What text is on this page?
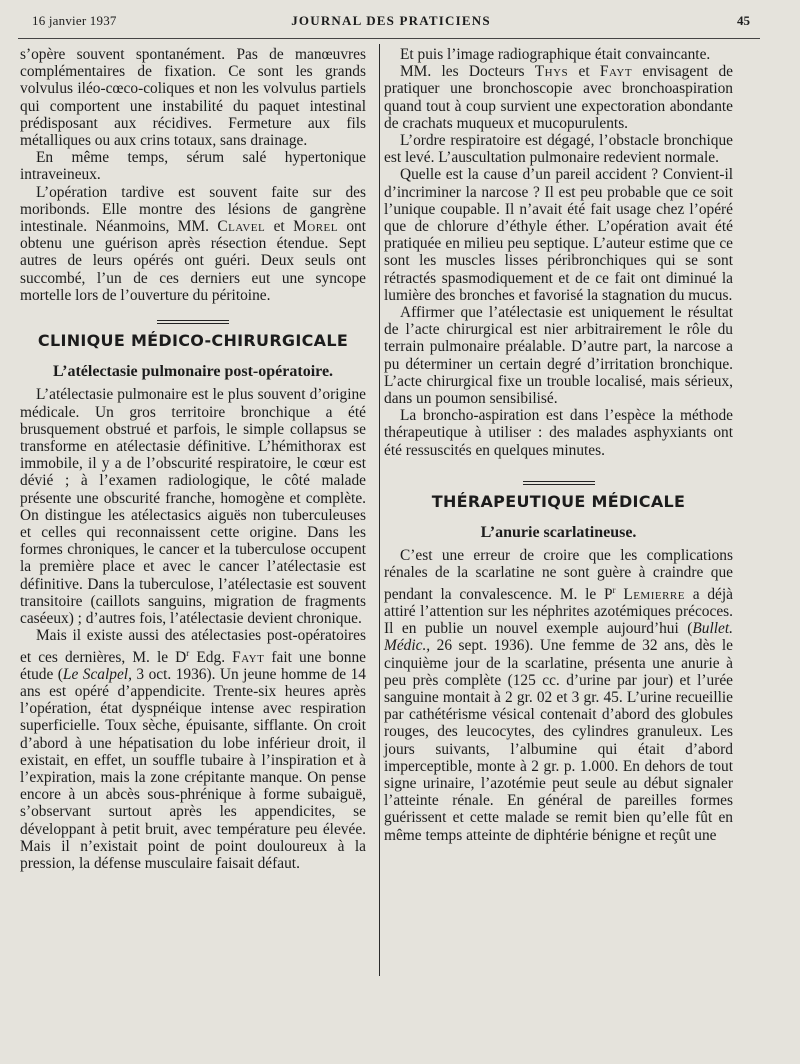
16 janvier 1937	JOURNAL DES PRATICIENS	45

s’opère souvent spontanément. Pas de manœuvres complémentaires de fixation. Ce sont les grands volvulus iléo-cœco-coliques et non les volvulus partiels qui comportent une instabilité du paquet intestinal prédisposant aux récidives. Fermeture aux fils métalliques ou aux crins totaux, sans drainage.

En même temps, sérum salé hypertonique intraveineux.

L’opération tardive est souvent faite sur des moribonds. Elle montre des lésions de gangrène intestinale. Néanmoins, MM. Clavel et Morel ont obtenu une guérison après résection étendue. Sept autres de leurs opérés ont guéri. Deux seuls ont succombé, l’un de ces derniers eut une syncope mortelle lors de l’ouverture du péritoine.

CLINIQUE MÉDICO-CHIRURGICALE
L’atélectasie pulmonaire post-opératoire.

L’atélectasie pulmonaire est le plus souvent d’origine médicale. Un gros territoire bronchique a été brusquement obstrué et parfois, le simple collapsus se transforme en atélectasie définitive. L’hémithorax est immobile, il y a de l’obscurité respiratoire, le cœur est dévié ; à l’examen radiologique, le côté malade présente une obscurité franche, homogène et complète. On distingue les atélectasics aiguës non tuberculeuses et celles qui reconnaissent cette origine. Dans les formes chroniques, le cancer et la tuberculose occupent la première place et avec le cancer l’atélectasie est définitive. Dans la tuberculose, l’atélectasie est souvent transitoire (caillots sanguins, migration de fragments caséeux) ; d’autres fois, l’atélectasie devient chronique.

Mais il existe aussi des atélectasies post-opératoires et ces dernières, M. le $D^r$ Edg. Fayt fait une bonne étude (Le Scalpel, 3 oct. 1936). Un jeune homme de 14 ans est opéré d’appendicite. Trente-six heures après l’opération, état dyspnéique intense avec respiration superficielle. Toux sèche, épuisante, sifflante. On croit d’abord à une hépatisation du lobe inférieur droit, il existait, en effet, un souffle tubaire à l’inspiration et à l’expiration, mais la zone crépitante manque. On pense encore à un abcès sous-phrénique à forme subaiguë, s’observant surtout après les appendicites, se développant à petit bruit, avec température peu élevée. Mais il n’existait point de point douloureux à la pression, la défense musculaire faisait défaut.

Et puis l’image radiographique était convaincante.

MM. les Docteurs Thys et Fayt envisagent de pratiquer une bronchoscopie avec bronchoaspiration quand tout à coup survient une expectoration abondante de crachats muqueux et mucopurulents.

L’ordre respiratoire est dégagé, l’obstacle bronchique est levé. L’auscultation pulmonaire redevient normale.

Quelle est la cause d’un pareil accident ? Convient-il d’incriminer la narcose ? Il est peu probable que ce soit l’unique coupable. Il n’avait été fait usage chez l’opéré que de chlorure d’éthyle éther. L’opération avait été pratiquée en milieu peu septique. L’auteur estime que ce sont les muscles lisses péribronchiques qui se sont rétractés spasmodiquement et de ce fait ont diminué la lumière des bronches et favorisé la stagnation du mucus.

Affirmer que l’atélectasie est uniquement le résultat de l’acte chirurgical est nier arbitrairement le rôle du terrain pulmonaire préalable. D’autre part, la narcose a pu déterminer un certain degré d’irritation bronchique. L’acte chirurgical fixe un trouble localisé, mais sérieux, dans un poumon sensibilisé.

La broncho-aspiration est dans l’espèce la méthode thérapeutique à utiliser : des malades asphyxiants ont été ressuscités en quelques minutes.

THÉRAPEUTIQUE MÉDICALE
L’anurie scarlatineuse.

C’est une erreur de croire que les complications rénales de la scarlatine ne sont guère à craindre que pendant la convalescence. M. le $P^r$ Lemierre a déjà attiré l’attention sur les néphrites azotémiques précoces. Il en publie un nouvel exemple aujourd’hui (Bullet. Médic., 26 sept. 1936). Une femme de 32 ans, dès le cinquième jour de la scarlatine, présenta une anurie à peu près complète (125 cc. d’urine par jour) et l’urée sanguine montait à 2 gr. 02 et 3 gr. 45. L’urine recueillie par cathétérisme vésical contenait d’abord des globules rouges, des leucocytes, des cylindres granuleux. Les jours suivants, l’albumine qui était d’abord imperceptible, monte à 2 gr. p. 1.000. En dehors de tout signe urinaire, l’azotémie peut seule au début signaler l’atteinte rénale. En général de pareilles formes guérissent et cette malade se remit bien qu’elle fût en même temps atteinte de diphtérie bénigne et reçût une
